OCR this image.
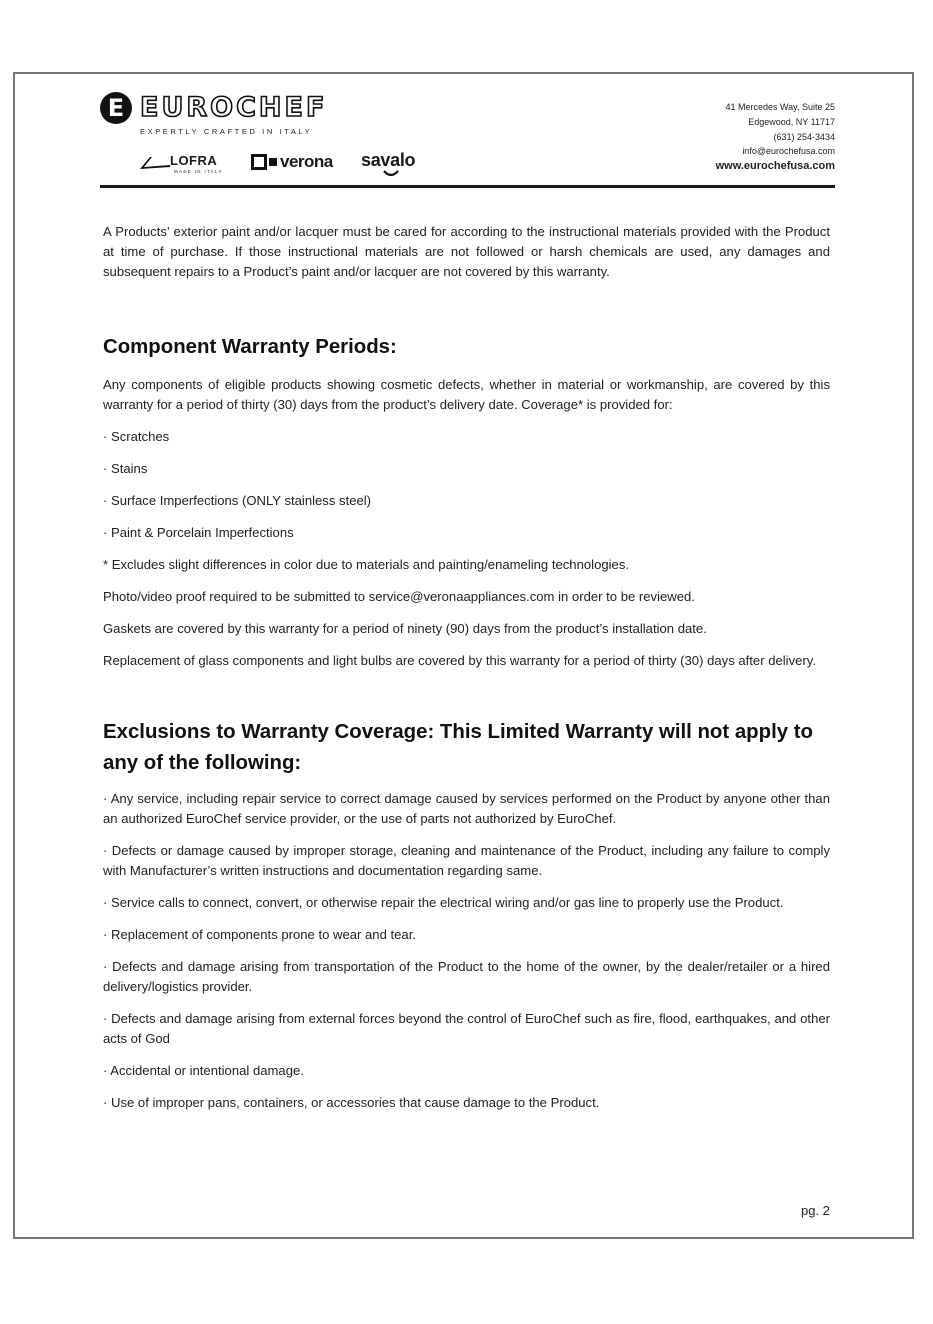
E EUROCHEF
EXPERTLY CRAFTED IN ITALY
LOFRA
MADE IN ITALY
verona savalo
41 Mercedes Way, Suite 25
Edgewood, NY 11717
(631) 254-3434
info@eurochefusa.com
www.eurochefusa.com

A Products’ exterior paint and/or lacquer must be cared for according to the instructional materials provided with the Product at time of purchase. If those instructional materials are not followed or harsh chemicals are used, any damages and subsequent repairs to a Product’s paint and/or lacquer are not covered by this warranty.

Component Warranty Periods:

Any components of eligible products showing cosmetic defects, whether in material or workmanship, are covered by this warranty for a period of thirty (30) days from the product’s delivery date. Coverage* is provided for:

· Scratches

· Stains

· Surface Imperfections (ONLY stainless steel)

· Paint & Porcelain Imperfections

* Excludes slight differences in color due to materials and painting/enameling technologies.

Photo/video proof required to be submitted to service@veronaappliances.com in order to be reviewed.

Gaskets are covered by this warranty for a period of ninety (90) days from the product’s installation date.

Replacement of glass components and light bulbs are covered by this warranty for a period of thirty (30) days after delivery.

Exclusions to Warranty Coverage: This Limited Warranty will not apply to any of the following:

· Any service, including repair service to correct damage caused by services performed on the Product by anyone other than an authorized EuroChef service provider, or the use of parts not authorized by EuroChef.

· Defects or damage caused by improper storage, cleaning and maintenance of the Product, including any failure to comply with Manufacturer’s written instructions and documentation regarding same.

· Service calls to connect, convert, or otherwise repair the electrical wiring and/or gas line to properly use the Product.

· Replacement of components prone to wear and tear.

· Defects and damage arising from transportation of the Product to the home of the owner, by the dealer/retailer or a hired delivery/logistics provider.

· Defects and damage arising from external forces beyond the control of EuroChef such as fire, flood, earthquakes, and other acts of God

· Accidental or intentional damage.

· Use of improper pans, containers, or accessories that cause damage to the Product.

pg. 2
